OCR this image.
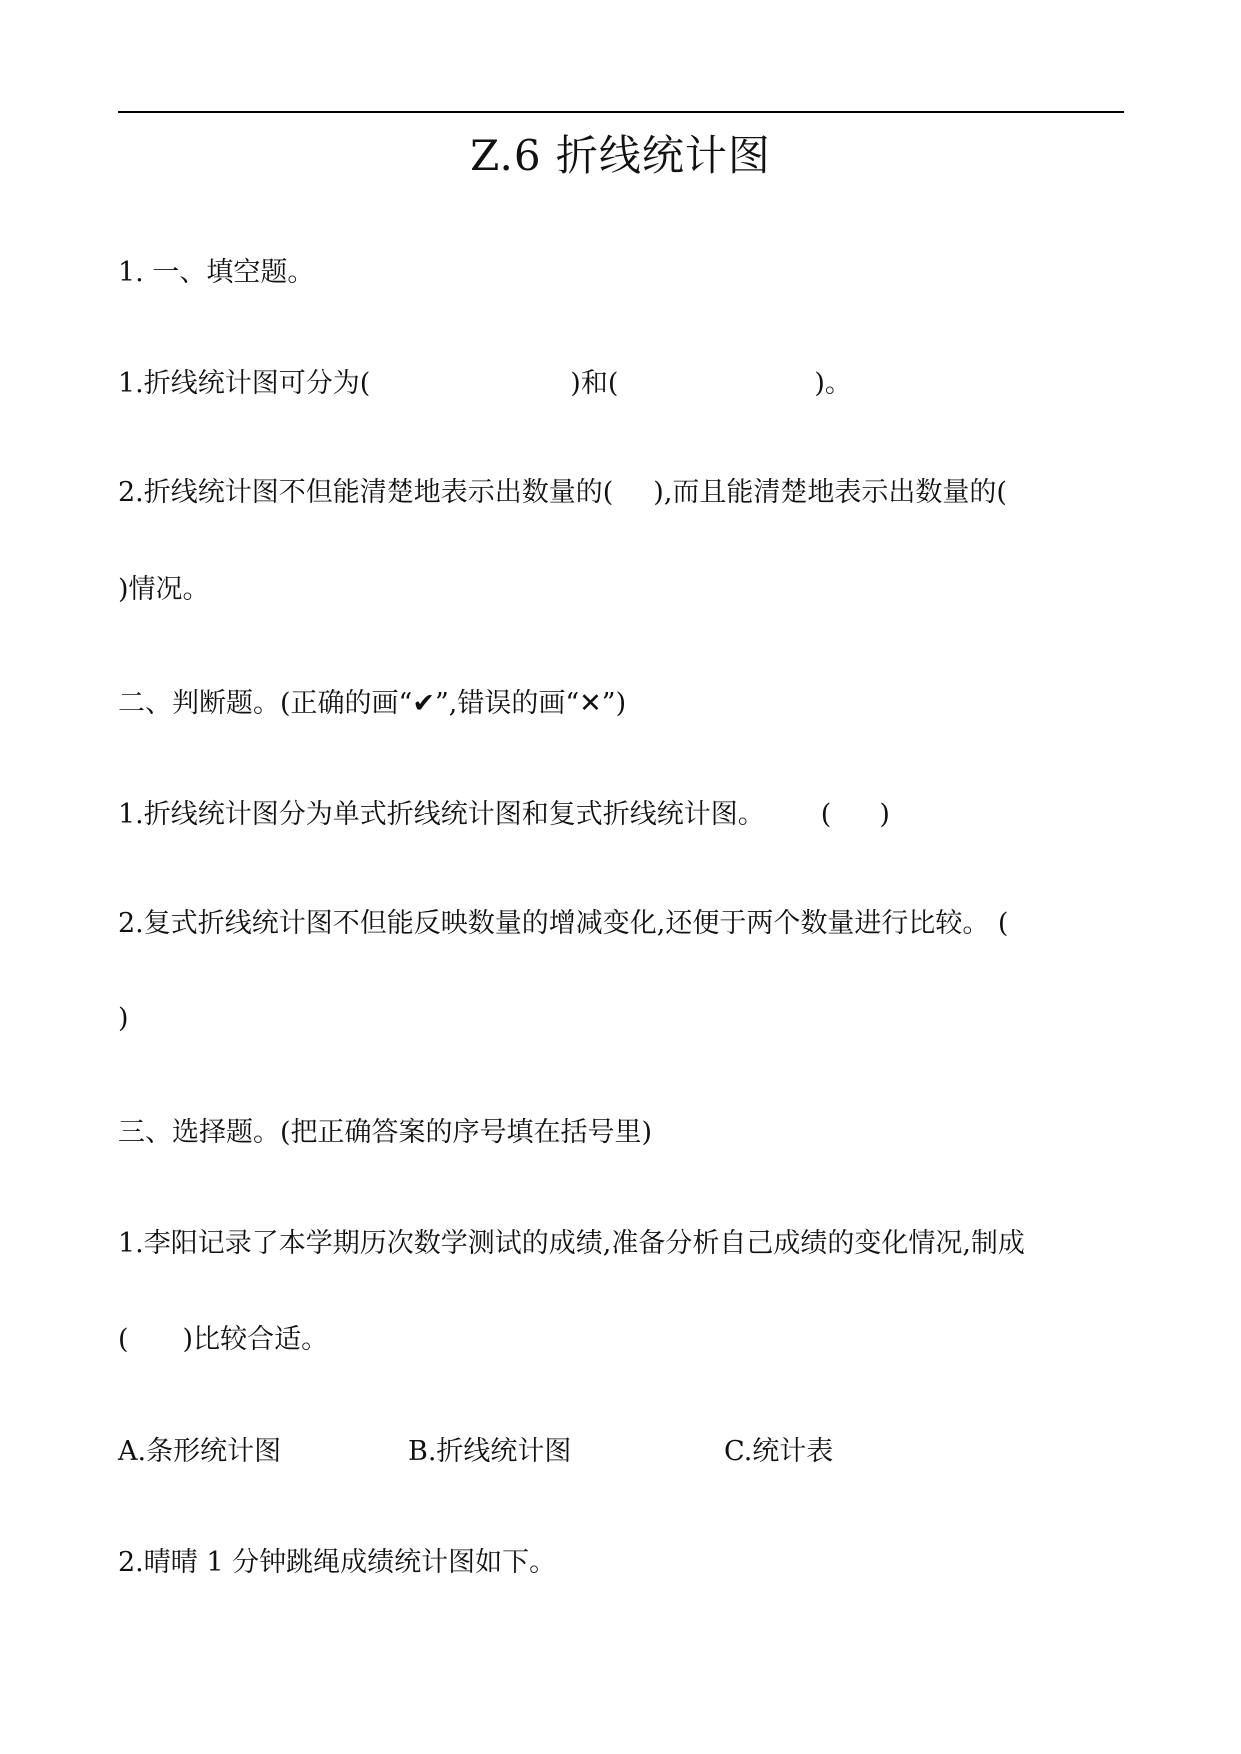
Z.6 折线统计图
1. 一、填空题。
1.折线统计图可分为(	)和(	)。
2.折线统计图不但能清楚地表示出数量的( ),而且能清楚地表示出数量的(
)情况。
二、判断题。(正确的画“✔”,错误的画“✕”)
1.折线统计图分为单式折线统计图和复式折线统计图。 ( )
2.复式折线统计图不但能反映数量的增减变化,还便于两个数量进行比较。 (
)
三、选择题。(把正确答案的序号填在括号里)
1.李阳记录了本学期历次数学测试的成绩,准备分析自己成绩的变化情况,制成
( )比较合适。
A.条形统计图	B.折线统计图	C.统计表
2.晴晴 1 分钟跳绳成绩统计图如下。
